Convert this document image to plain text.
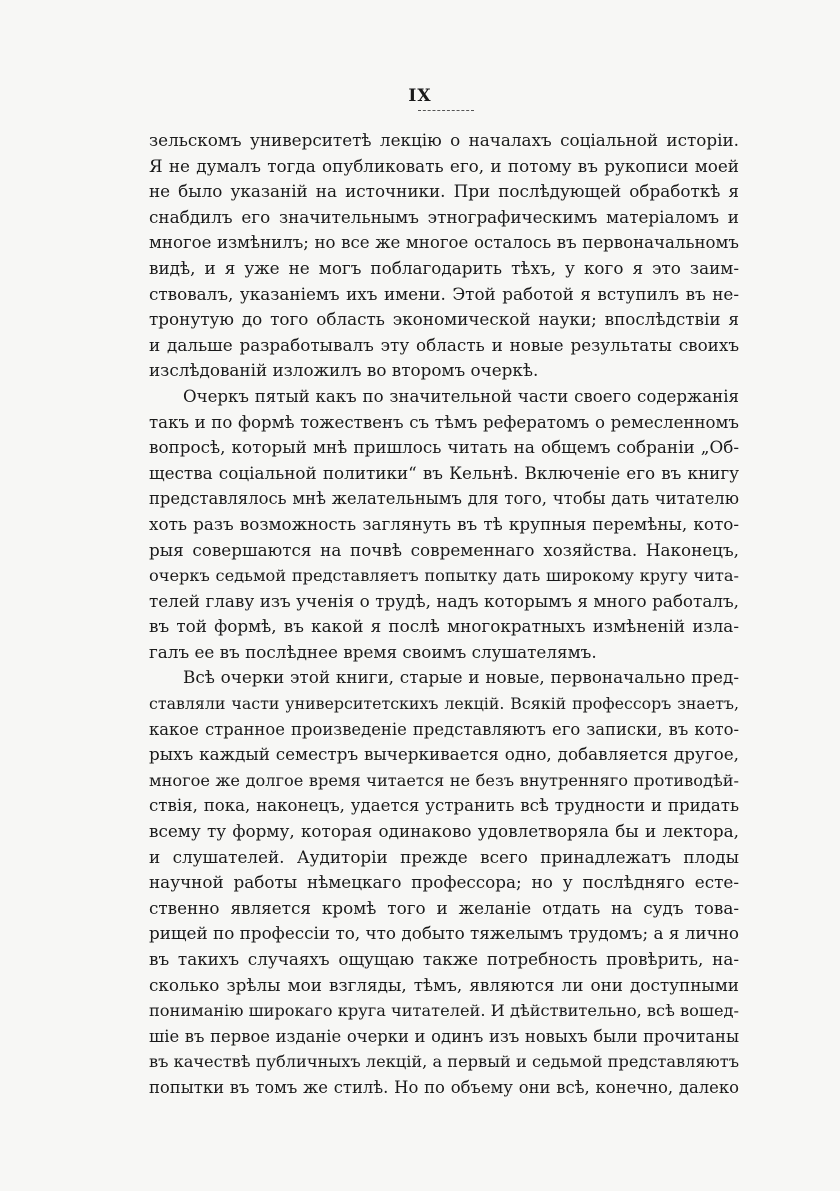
IX
зельскомъ университетѣ лекцію о началахъ соціальной исторіи.
Я не думалъ тогда опубликовать его, и потому въ рукописи моей
не было указаній на источники. При послѣдующей обработкѣ я
снабдилъ его значительнымъ этнографическимъ матеріаломъ и
многое измѣнилъ; но все же многое осталось въ первоначальномъ
видѣ, и я уже не могъ поблагодарить тѣхъ, у кого я это заим-
ствовалъ, указаніемъ ихъ имени. Этой работой я вступилъ въ не-
тронутую до того область экономической науки; впослѣдствіи я
и дальше разработывалъ эту область и новые результаты своихъ
изслѣдованій изложилъ во второмъ очеркѣ.
Очеркъ пятый какъ по значительной части своего содержанія
такъ и по формѣ тожественъ съ тѣмъ рефератомъ о ремесленномъ
вопросѣ, который мнѣ пришлось читать на общемъ собраніи „Об-
щества соціальной политики“ въ Кельнѣ. Включеніе его въ книгу
представлялось мнѣ желательнымъ для того, чтобы дать читателю
хоть разъ возможность заглянуть въ тѣ крупныя перемѣны, кото-
рыя совершаются на почвѣ современнаго хозяйства. Наконецъ,
очеркъ седьмой представляетъ попытку дать широкому кругу чита-
телей главу изъ ученія о трудѣ, надъ которымъ я много работалъ,
въ той формѣ, въ какой я послѣ многократныхъ измѣненій изла-
галъ ее въ послѣднее время своимъ слушателямъ.
Всѣ очерки этой книги, старые и новые, первоначально пред-
ставляли части университетскихъ лекцій. Всякій профессоръ знаетъ,
какое странное произведеніе представляютъ его записки, въ кото-
рыхъ каждый семестръ вычеркивается одно, добавляется другое,
многое же долгое время читается не безъ внутренняго противодѣй-
ствія, пока, наконецъ, удается устранить всѣ трудности и придать
всему ту форму, которая одинаково удовлетворяла бы и лектора,
и слушателей. Аудиторіи прежде всего принадлежатъ плоды
научной работы нѣмецкаго профессора; но у послѣдняго есте-
ственно является кромѣ того и желаніе отдать на судъ това-
рищей по профессіи то, что добыто тяжелымъ трудомъ; а я лично
въ такихъ случаяхъ ощущаю также потребность провѣрить, на-
сколько зрѣлы мои взгляды, тѣмъ, являются ли они доступными
пониманію широкаго круга читателей. И дѣйствительно, всѣ вошед-
шіе въ первое изданіе очерки и одинъ изъ новыхъ были прочитаны
въ качествѣ публичныхъ лекцій, а первый и седьмой представляютъ
попытки въ томъ же стилѣ. Но по объему они всѣ, конечно, далеко
